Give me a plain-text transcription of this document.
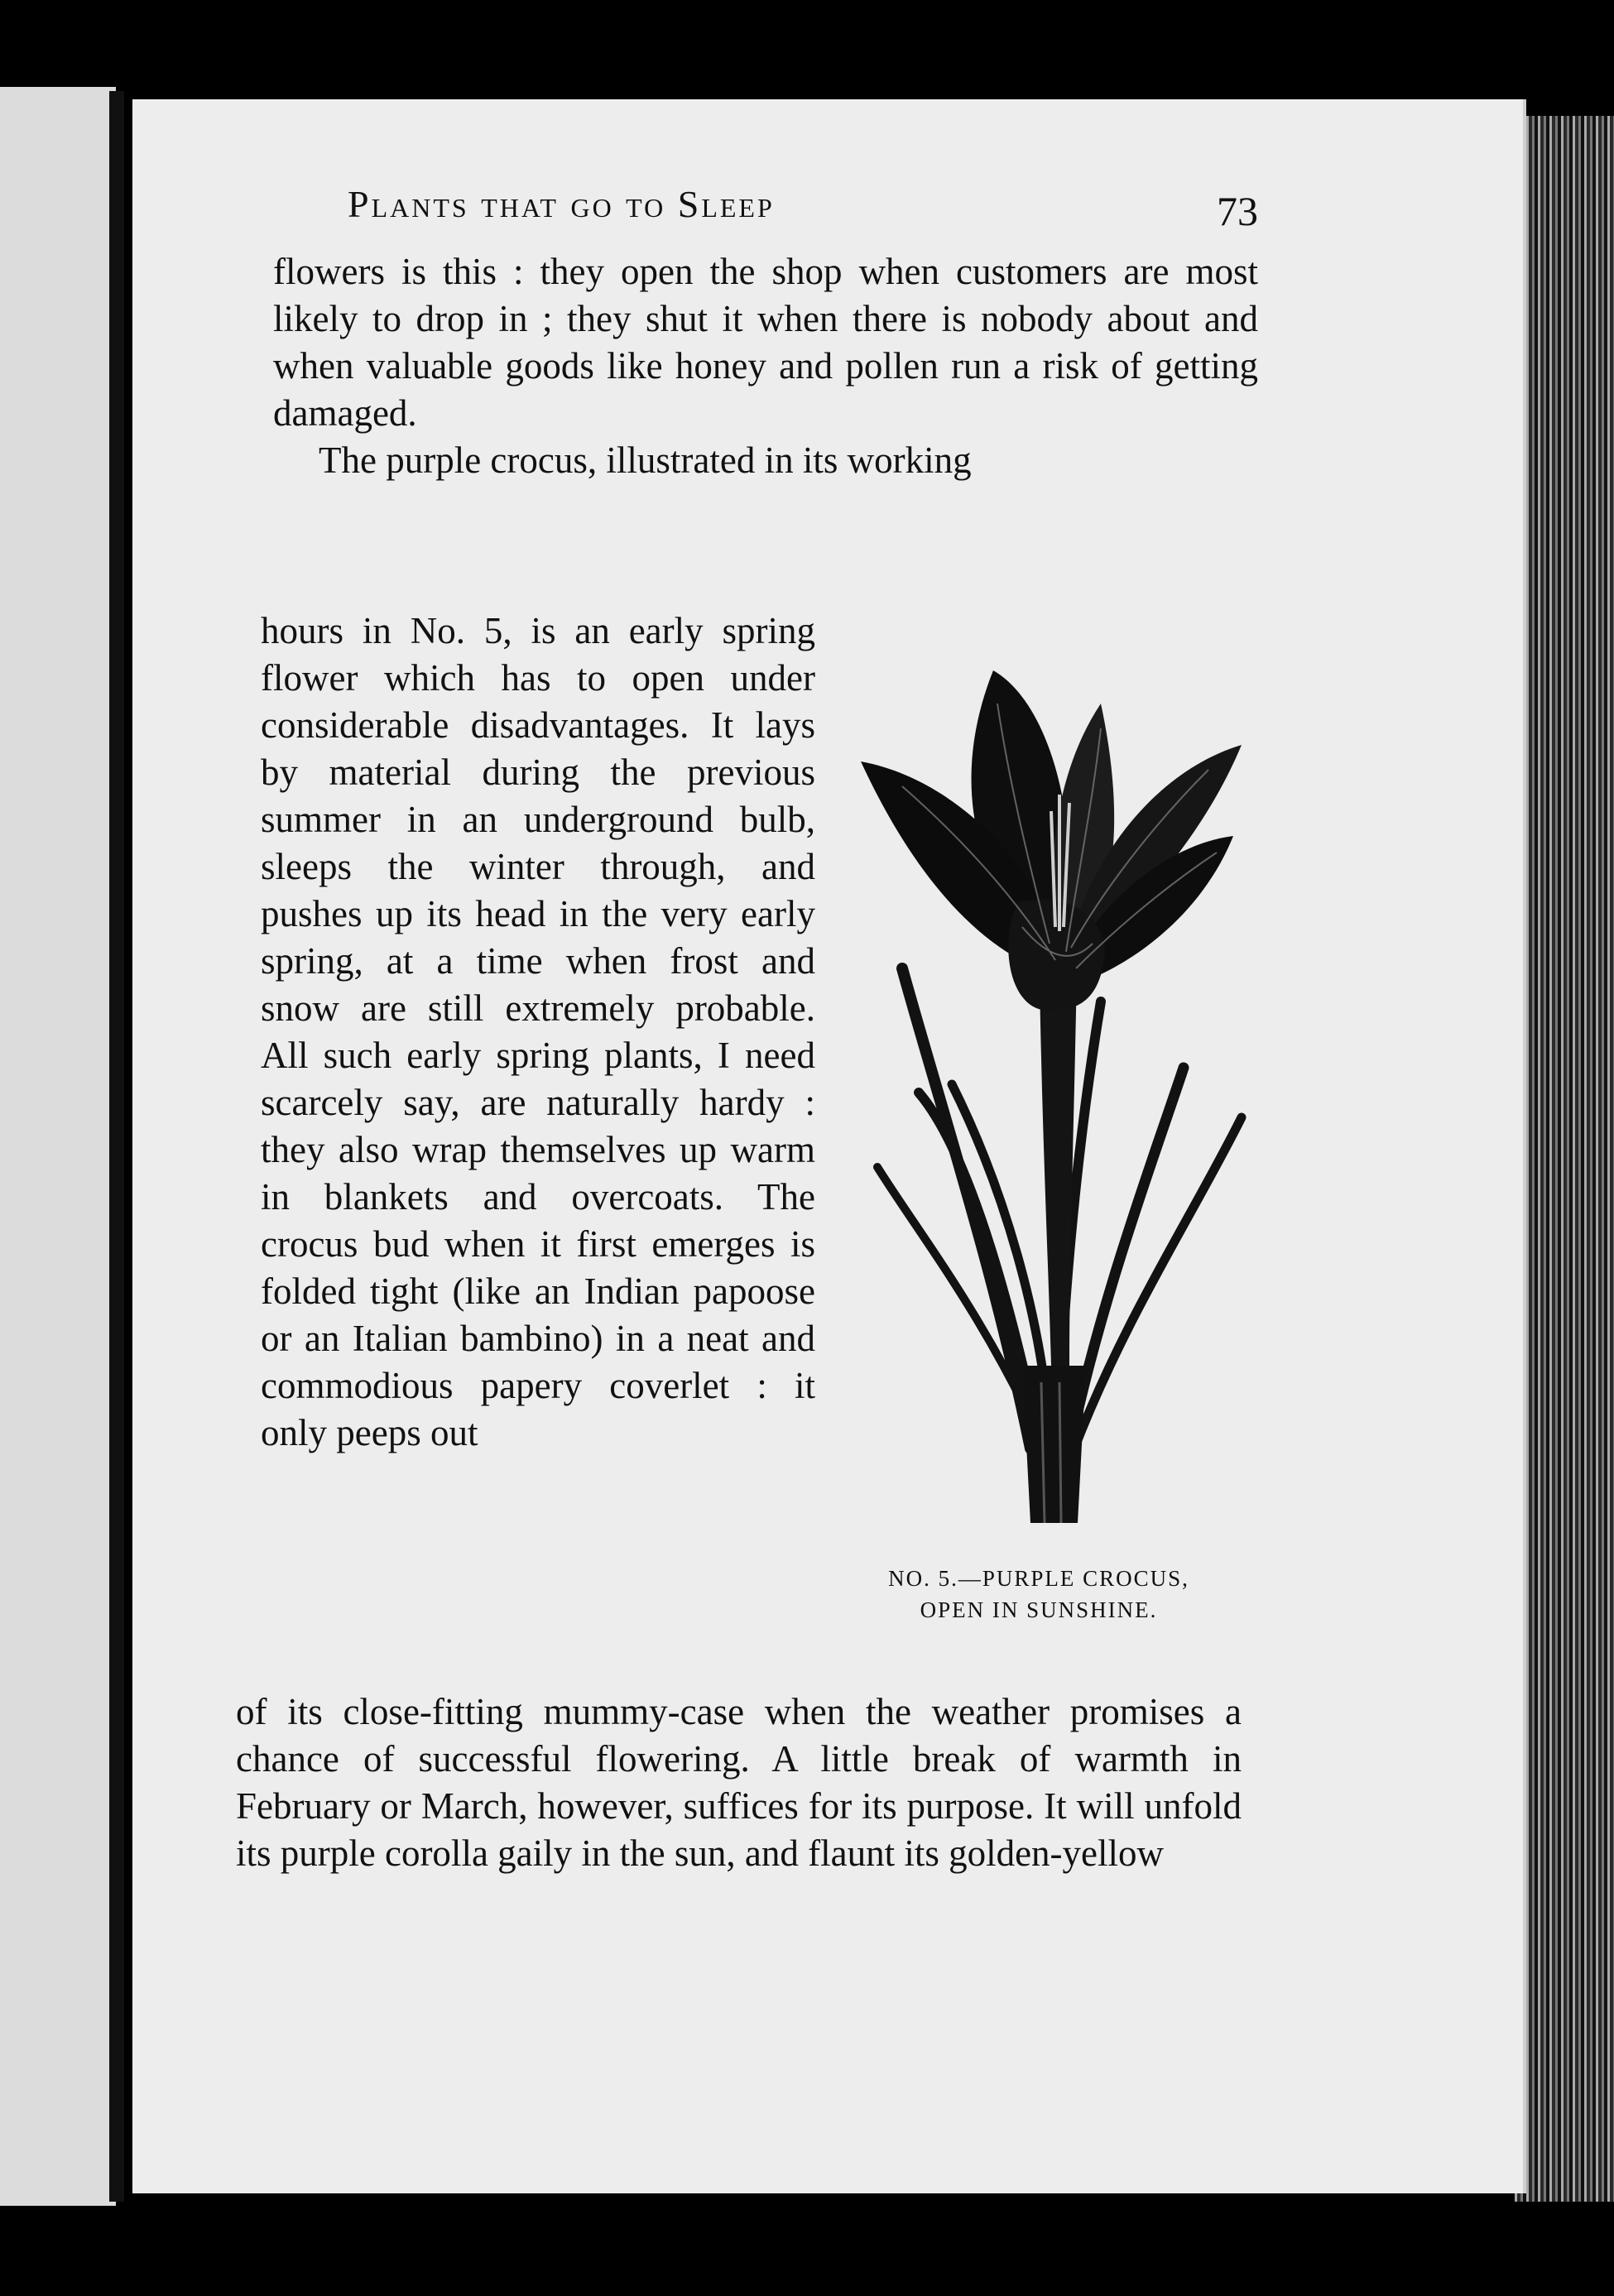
Plants that go to Sleep	73
flowers is this : they open the shop when customers are most likely to drop in ; they shut it when there is nobody about and when valuable goods like honey and pollen run a risk of getting damaged.
The purple crocus, illustrated in its working
hours in No. 5, is an early spring flower which has to open under considerable disadvantages. It lays by material during the previous summer in an underground bulb, sleeps the winter through, and pushes up its head in the very early spring, at a time when frost and snow are still extremely probable. All such early spring plants, I need scarcely say, are naturally hardy : they also wrap themselves up warm in blankets and overcoats. The crocus bud when it first emerges is folded tight (like an Indian papoose or an Italian bambino) in a neat and commodious papery coverlet : it only peeps out
of its close-fitting mummy-case when the weather promises a chance of successful flowering. A little break of warmth in February or March, however, suffices for its purpose. It will unfold its purple corolla gaily in the sun, and flaunt its golden-yellow
NO. 5.—PURPLE CROCUS,
OPEN IN SUNSHINE.
